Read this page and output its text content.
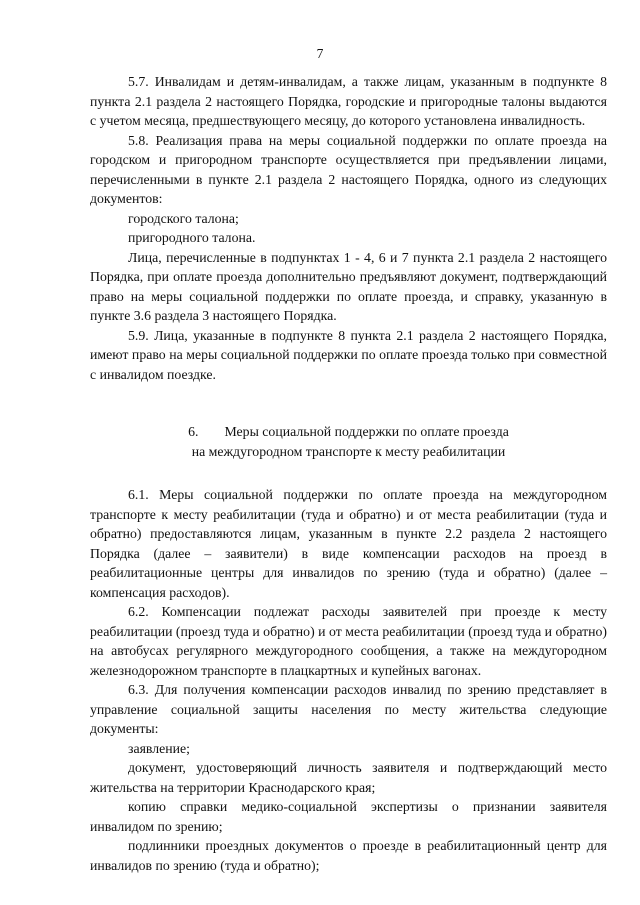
7

5.7. Инвалидам и детям-инвалидам, а также лицам, указанным в подпункте 8 пункта 2.1 раздела 2 настоящего Порядка, городские и пригородные талоны выдаются с учетом месяца, предшествующего месяцу, до которого установлена инвалидность.

5.8. Реализация права на меры социальной поддержки по оплате проезда на городском и пригородном транспорте осуществляется при предъявлении лицами, перечисленными в пункте 2.1 раздела 2 настоящего Порядка, одного из следующих документов:

городского талона;

пригородного талона.

Лица, перечисленные в подпунктах 1 - 4, 6 и 7 пункта 2.1 раздела 2 настоящего Порядка, при оплате проезда дополнительно предъявляют документ, подтверждающий право на меры социальной поддержки по оплате проезда, и справку, указанную в пункте 3.6 раздела 3 настоящего Порядка.

5.9. Лица, указанные в подпункте 8 пункта 2.1 раздела 2 настоящего Порядка, имеют право на меры социальной поддержки по оплате проезда только при совместной с инвалидом поездке.

6. Меры социальной поддержки по оплате проезда

на междугородном транспорте к месту реабилитации

6.1. Меры социальной поддержки по оплате проезда на междугородном транспорте к месту реабилитации (туда и обратно) и от места реабилитации (туда и обратно) предоставляются лицам, указанным в пункте 2.2 раздела 2 настоящего Порядка (далее – заявители) в виде компенсации расходов на проезд в реабилитационные центры для инвалидов по зрению (туда и обратно) (далее – компенсация расходов).

6.2. Компенсации подлежат расходы заявителей при проезде к месту реабилитации (проезд туда и обратно) и от места реабилитации (проезд туда и обратно) на автобусах регулярного междугородного сообщения, а также на междугородном железнодорожном транспорте в плацкартных и купейных вагонах.

6.3. Для получения компенсации расходов инвалид по зрению представляет в управление социальной защиты населения по месту жительства следующие документы:

заявление;

документ, удостоверяющий личность заявителя и подтверждающий место жительства на территории Краснодарского края;

копию справки медико-социальной экспертизы о признании заявителя инвалидом по зрению;

подлинники проездных документов о проезде в реабилитационный центр для инвалидов по зрению (туда и обратно);
